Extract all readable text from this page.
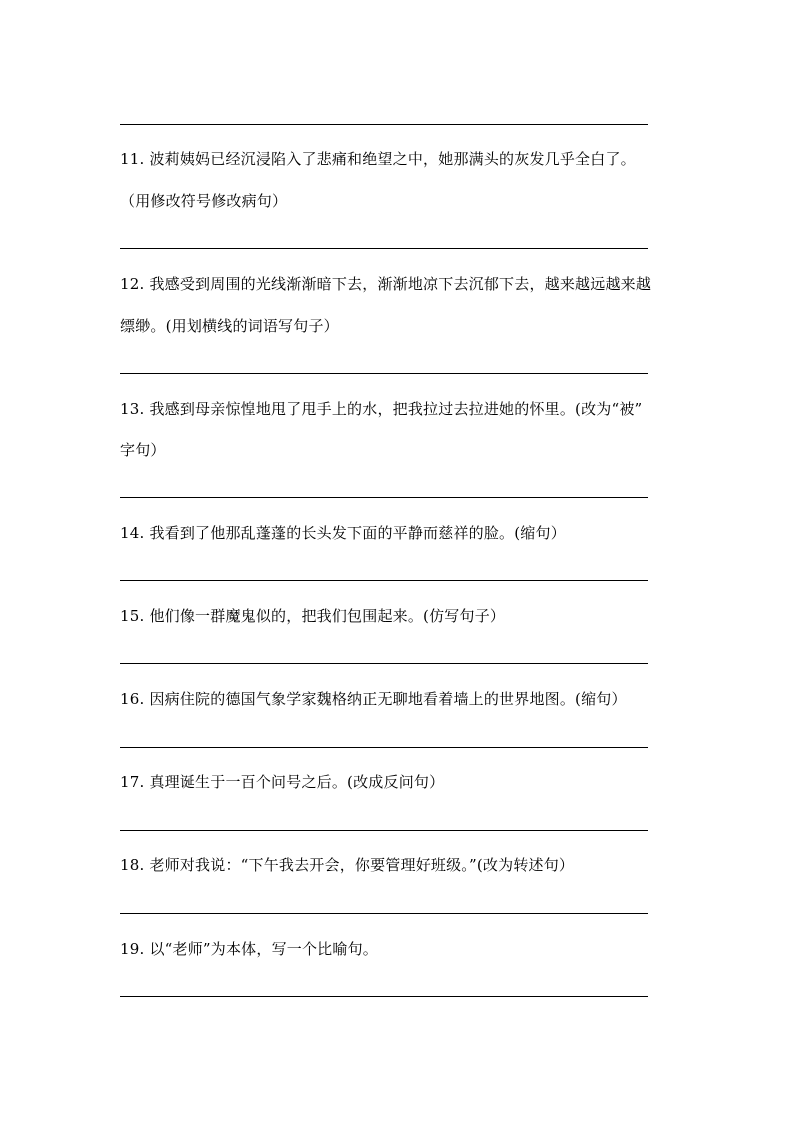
11. 波莉姨妈已经沉浸陷入了悲痛和绝望之中，她那满头的灰发几乎全白了。
（用修改符号修改病句）
12. 我感受到周围的光线渐渐暗下去，渐渐地凉下去沉郁下去，越来越远越来越
缥缈。(用划横线的词语写句子）
13. 我感到母亲惊惶地甩了甩手上的水，把我拉过去拉进她的怀里。(改为“被”
字句）
14. 我看到了他那乱蓬蓬的长头发下面的平静而慈祥的脸。(缩句）
15. 他们像一群魔鬼似的，把我们包围起来。(仿写句子）
16. 因病住院的德国气象学家魏格纳正无聊地看着墙上的世界地图。(缩句）
17. 真理诞生于一百个问号之后。(改成反问句）
18. 老师对我说：“下午我去开会，你要管理好班级。”(改为转述句）
19. 以“老师”为本体，写一个比喻句。
